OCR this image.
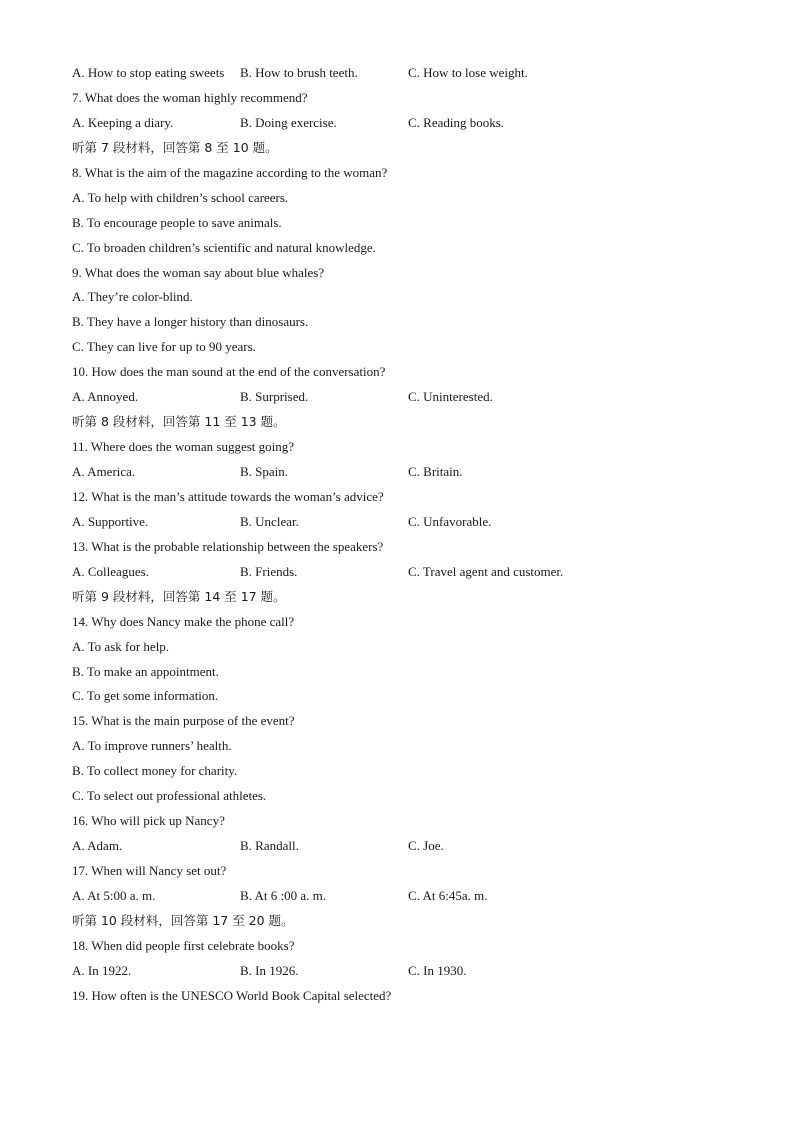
A. How to stop eating sweets B. How to brush teeth.	C. How to lose weight.
7. What does the woman highly recommend?
A. Keeping a diary.	B. Doing exercise.	C. Reading books.
听第 7 段材料，回答第 8 至 10 题。
8. What is the aim of the magazine according to the woman?
A. To help with children’s school careers.
B. To encourage people to save animals.
C. To broaden children’s scientific and natural knowledge.
9. What does the woman say about blue whales?
A. They’re color-blind.
B. They have a longer history than dinosaurs.
C. They can live for up to 90 years.
10. How does the man sound at the end of the conversation?
A. Annoyed.	B. Surprised.	C. Uninterested.
听第 8 段材料，回答第 11 至 13 题。
11. Where does the woman suggest going?
A. America.	B. Spain.	C. Britain.
12. What is the man’s attitude towards the woman’s advice?
A. Supportive.	B. Unclear.	C. Unfavorable.
13. What is the probable relationship between the speakers?
A. Colleagues.	B. Friends.	C. Travel agent and customer.
听第 9 段材料，回答第 14 至 17 题。
14. Why does Nancy make the phone call?
A. To ask for help.
B. To make an appointment.
C. To get some information.
15. What is the main purpose of the event?
A. To improve runners’ health.
B. To collect money for charity.
C. To select out professional athletes.
16. Who will pick up Nancy?
A. Adam.	B. Randall.	C. Joe.
17. When will Nancy set out?
A. At 5:00 a. m.	B. At 6 :00 a. m.	C. At 6:45a. m.
听第 10 段材料，回答第 17 至 20 题。
18. When did people first celebrate books?
A. In 1922.	B. In 1926.	C. In 1930.
19. How often is the UNESCO World Book Capital selected?
